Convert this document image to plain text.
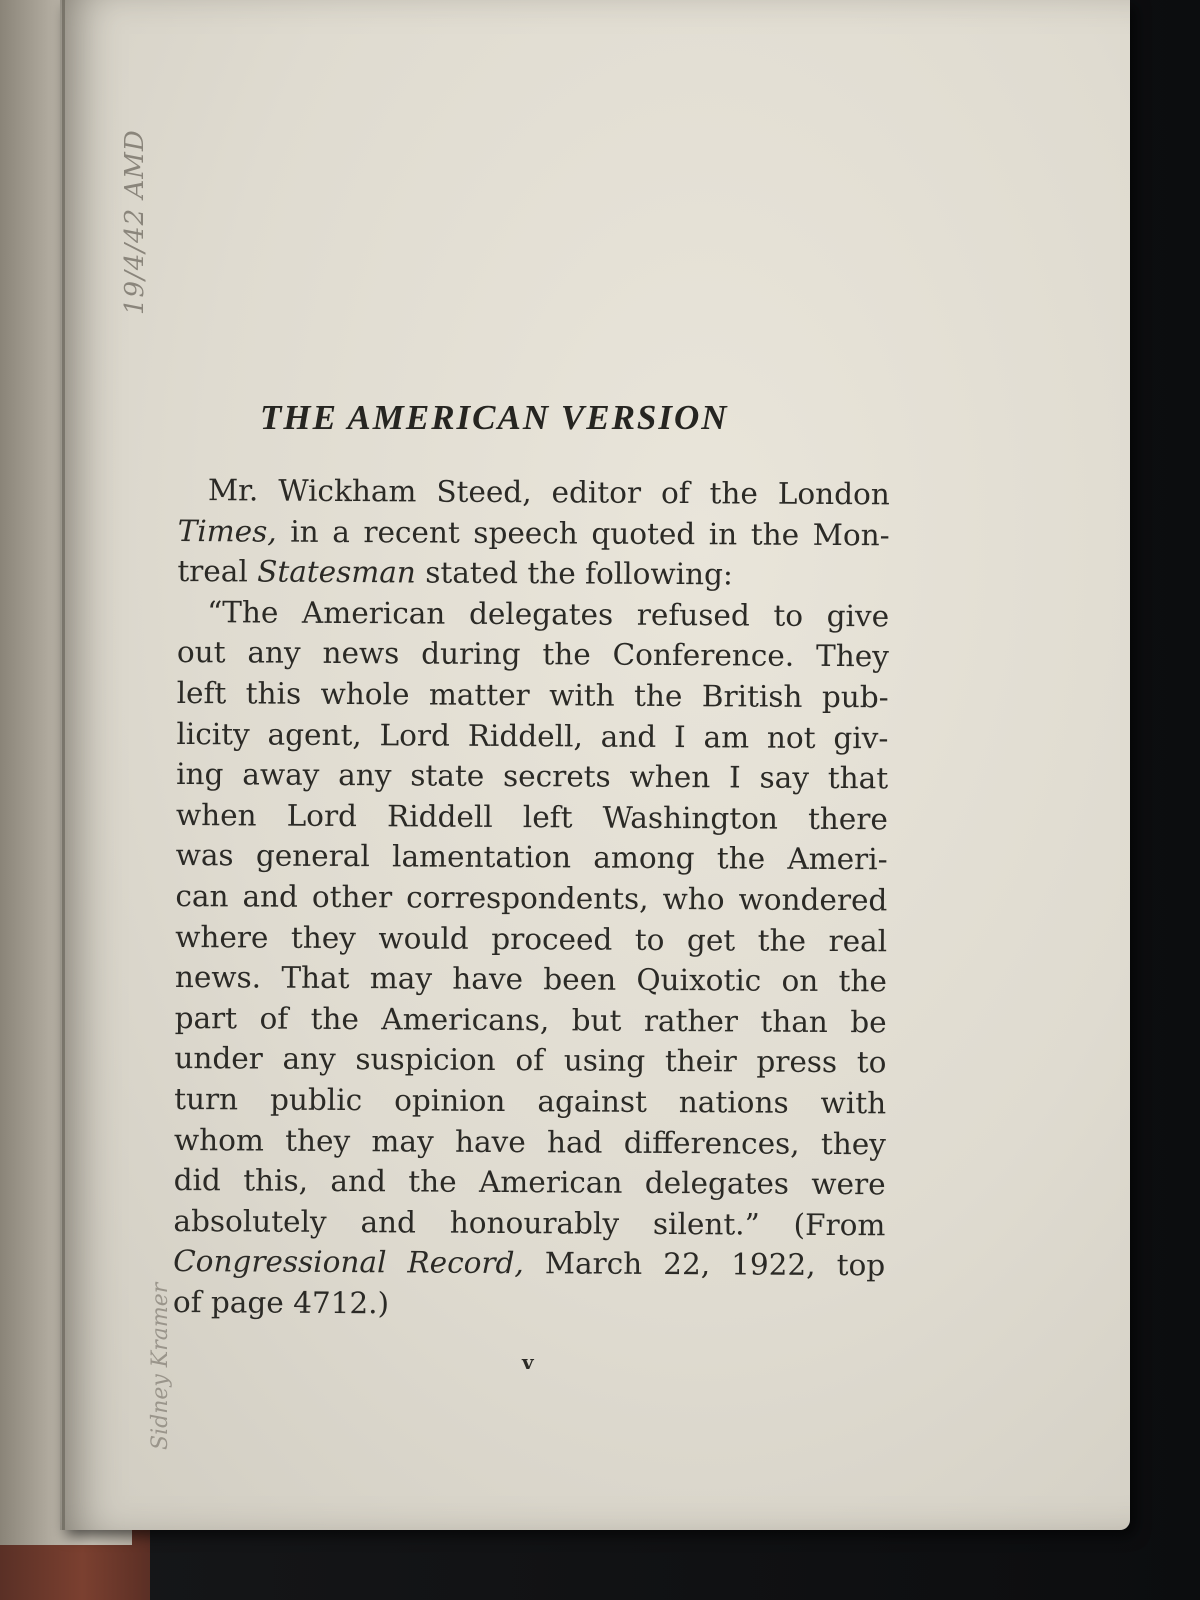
19/4/42 AMD
Sidney Kramer
THE AMERICAN VERSION
Mr. Wickham Steed, editor of the London
Times, in a recent speech quoted in the Mon-
treal Statesman stated the following:
“The American delegates refused to give
out any news during the Conference. They
left this whole matter with the British pub-
licity agent, Lord Riddell, and I am not giv-
ing away any state secrets when I say that
when Lord Riddell left Washington there
was general lamentation among the Ameri-
can and other correspondents, who wondered
where they would proceed to get the real
news. That may have been Quixotic on the
part of the Americans, but rather than be
under any suspicion of using their press to
turn public opinion against nations with
whom they may have had differences, they
did this, and the American delegates were
absolutely and honourably silent.” (From
Congressional Record, March 22, 1922, top
of page 4712.)
v
